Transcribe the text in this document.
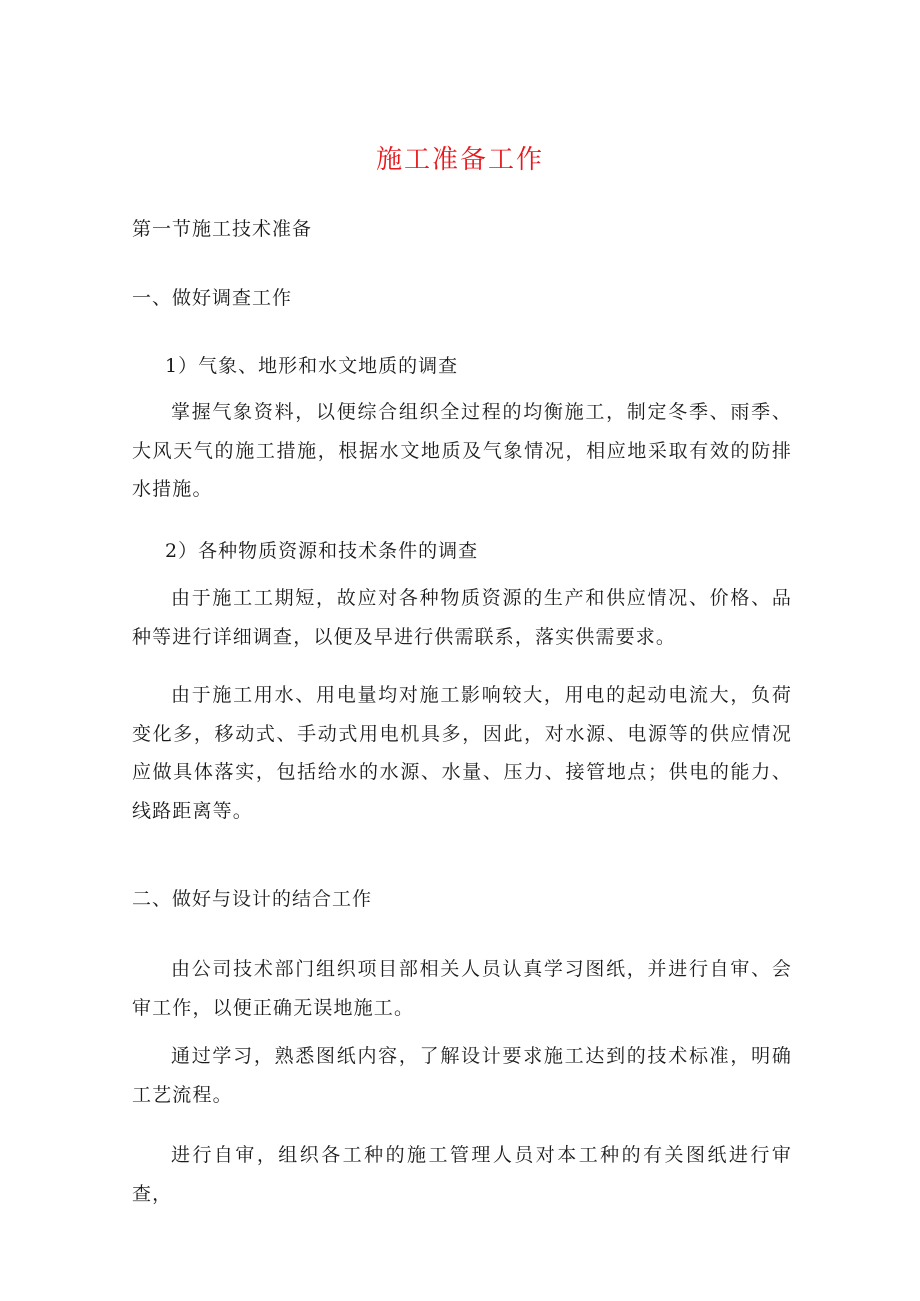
施工准备工作
第一节施工技术准备
一、做好调查工作
1）气象、地形和水文地质的调查

掌握气象资料，以便综合组织全过程的均衡施工，制定冬季、雨季、大风天气的施工措施，根据水文地质及气象情况，相应地采取有效的防排水措施。

2）各种物质资源和技术条件的调查

由于施工工期短，故应对各种物质资源的生产和供应情况、价格、品种等进行详细调查，以便及早进行供需联系，落实供需要求。

由于施工用水、用电量均对施工影响较大，用电的起动电流大，负荷变化多，移动式、手动式用电机具多，因此，对水源、电源等的供应情况应做具体落实，包括给水的水源、水量、压力、接管地点；供电的能力、线路距离等。

二、做好与设计的结合工作

由公司技术部门组织项目部相关人员认真学习图纸，并进行自审、会审工作，以便正确无误地施工。

通过学习，熟悉图纸内容，了解设计要求施工达到的技术标准，明确工艺流程。

进行自审，组织各工种的施工管理人员对本工种的有关图纸进行审查，
